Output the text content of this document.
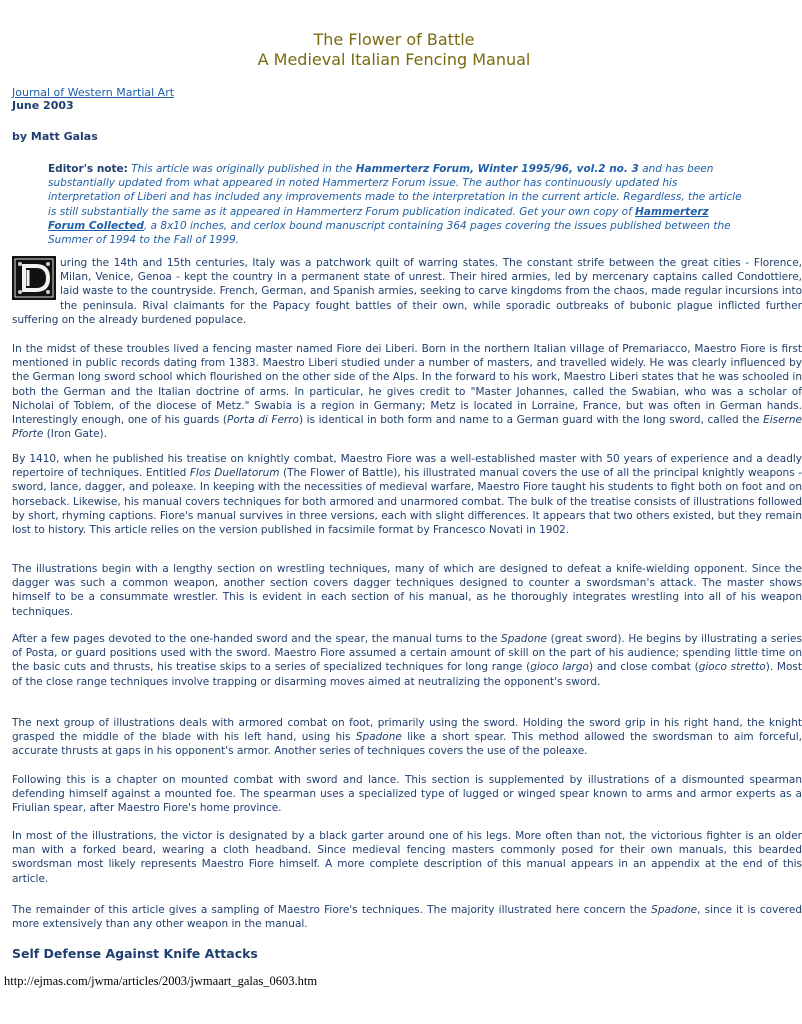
The Flower of Battle
A Medieval Italian Fencing Manual
Journal of Western Martial Art
June 2003
by Matt Galas
Editor's note: This article was originally published in the Hammerterz Forum, Winter 1995/96, vol.2 no. 3 and has been substantially updated from what appeared in noted Hammerterz Forum issue. The author has continuously updated his interpretation of Liberi and has included any improvements made to the interpretation in the current article. Regardless, the article is still substantially the same as it appeared in Hammerterz Forum publication indicated. Get your own copy of Hammerterz Forum Collected, a 8x10 inches, and cerlox bound manuscript containing 364 pages covering the issues published between the Summer of 1994 to the Fall of 1999.
uring the 14th and 15th centuries, Italy was a patchwork quilt of warring states. The constant strife between the great cities - Florence, Milan, Venice, Genoa - kept the country in a permanent state of unrest. Their hired armies, led by mercenary captains called Condottiere, laid waste to the countryside. French, German, and Spanish armies, seeking to carve kingdoms from the chaos, made regular incursions into the peninsula. Rival claimants for the Papacy fought battles of their own, while sporadic outbreaks of bubonic plague inflicted further suffering on the already burdened populace.
In the midst of these troubles lived a fencing master named Fiore dei Liberi. Born in the northern Italian village of Premariacco, Maestro Fiore is first mentioned in public records dating from 1383. Maestro Liberi studied under a number of masters, and travelled widely. He was clearly influenced by the German long sword school which flourished on the other side of the Alps. In the forward to his work, Maestro Liberi states that he was schooled in both the German and the Italian doctrine of arms. In particular, he gives credit to "Master Johannes, called the Swabian, who was a scholar of Nicholai of Toblem, of the diocese of Metz." Swabia is a region in Germany; Metz is located in Lorraine, France, but was often in German hands. Interestingly enough, one of his guards (Porta di Ferro) is identical in both form and name to a German guard with the long sword, called the Eiserne Pforte (Iron Gate).
By 1410, when he published his treatise on knightly combat, Maestro Fiore was a well-established master with 50 years of experience and a deadly repertoire of techniques. Entitled Flos Duellatorum (The Flower of Battle), his illustrated manual covers the use of all the principal knightly weapons - sword, lance, dagger, and poleaxe. In keeping with the necessities of medieval warfare, Maestro Fiore taught his students to fight both on foot and on horseback. Likewise, his manual covers techniques for both armored and unarmored combat. The bulk of the treatise consists of illustrations followed by short, rhyming captions. Fiore's manual survives in three versions, each with slight differences. It appears that two others existed, but they remain lost to history. This article relies on the version published in facsimile format by Francesco Novati in 1902.
The illustrations begin with a lengthy section on wrestling techniques, many of which are designed to defeat a knife-wielding opponent. Since the dagger was such a common weapon, another section covers dagger techniques designed to counter a swordsman's attack. The master shows himself to be a consummate wrestler. This is evident in each section of his manual, as he thoroughly integrates wrestling into all of his weapon techniques.
After a few pages devoted to the one-handed sword and the spear, the manual turns to the Spadone (great sword). He begins by illustrating a series of Posta, or guard positions used with the sword. Maestro Fiore assumed a certain amount of skill on the part of his audience; spending little time on the basic cuts and thrusts, his treatise skips to a series of specialized techniques for long range (gioco largo) and close combat (gioco stretto). Most of the close range techniques involve trapping or disarming moves aimed at neutralizing the opponent's sword.
The next group of illustrations deals with armored combat on foot, primarily using the sword. Holding the sword grip in his right hand, the knight grasped the middle of the blade with his left hand, using his Spadone like a short spear. This method allowed the swordsman to aim forceful, accurate thrusts at gaps in his opponent's armor. Another series of techniques covers the use of the poleaxe.
Following this is a chapter on mounted combat with sword and lance. This section is supplemented by illustrations of a dismounted spearman defending himself against a mounted foe. The spearman uses a specialized type of lugged or winged spear known to arms and armor experts as a Friulian spear, after Maestro Fiore's home province.
In most of the illustrations, the victor is designated by a black garter around one of his legs. More often than not, the victorious fighter is an older man with a forked beard, wearing a cloth headband. Since medieval fencing masters commonly posed for their own manuals, this bearded swordsman most likely represents Maestro Fiore himself. A more complete description of this manual appears in an appendix at the end of this article.
The remainder of this article gives a sampling of Maestro Fiore's techniques. The majority illustrated here concern the Spadone, since it is covered more extensively than any other weapon in the manual.
Self Defense Against Knife Attacks
http://ejmas.com/jwma/articles/2003/jwmaart_galas_0603.htm
